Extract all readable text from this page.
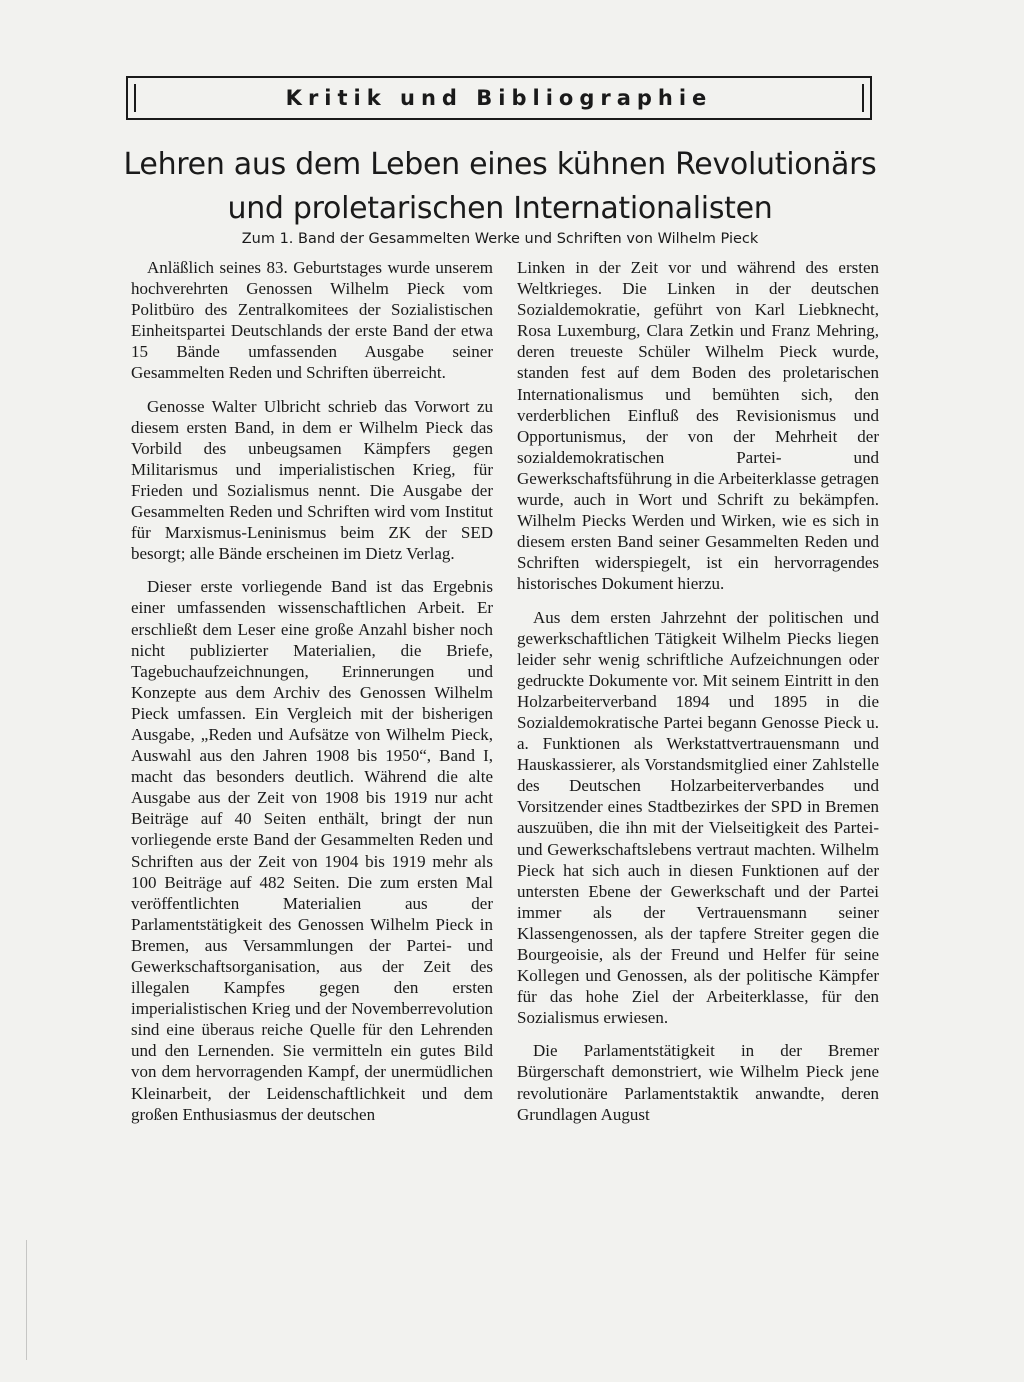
Kritik und Bibliographie
Lehren aus dem Leben eines kühnen Revolutionärs
und proletarischen Internationalisten
Zum 1. Band der Gesammelten Werke und Schriften von Wilhelm Pieck

Anläßlich seines 83. Geburtstages wurde unserem hochverehrten Genossen Wilhelm Pieck vom Politbüro des Zentralkomitees der Sozialistischen Einheitspartei Deutschlands der erste Band der etwa 15 Bände umfassenden Ausgabe seiner Gesammelten Reden und Schriften überreicht.

Genosse Walter Ulbricht schrieb das Vorwort zu diesem ersten Band, in dem er Wilhelm Pieck das Vorbild des unbeugsamen Kämpfers gegen Militarismus und imperialistischen Krieg, für Frieden und Sozialismus nennt. Die Ausgabe der Gesammelten Reden und Schriften wird vom Institut für Marxismus-Leninismus beim ZK der SED besorgt; alle Bände erscheinen im Dietz Verlag.

Dieser erste vorliegende Band ist das Ergebnis einer umfassenden wissenschaftlichen Arbeit. Er erschließt dem Leser eine große Anzahl bisher noch nicht publizierter Materialien, die Briefe, Tagebuchaufzeichnungen, Erinnerungen und Konzepte aus dem Archiv des Genossen Wilhelm Pieck umfassen. Ein Vergleich mit der bisherigen Ausgabe, „Reden und Aufsätze von Wilhelm Pieck, Auswahl aus den Jahren 1908 bis 1950“, Band I, macht das besonders deutlich. Während die alte Ausgabe aus der Zeit von 1908 bis 1919 nur acht Beiträge auf 40 Seiten enthält, bringt der nun vorliegende erste Band der Gesammelten Reden und Schriften aus der Zeit von 1904 bis 1919 mehr als 100 Beiträge auf 482 Seiten. Die zum ersten Mal veröffentlichten Materialien aus der Parlamentstätigkeit des Genossen Wilhelm Pieck in Bremen, aus Versammlungen der Partei- und Gewerkschaftsorganisation, aus der Zeit des illegalen Kampfes gegen den ersten imperialistischen Krieg und der Novemberrevolution sind eine überaus reiche Quelle für den Lehrenden und den Lernenden. Sie vermitteln ein gutes Bild von dem hervorragenden Kampf, der unermüdlichen Kleinarbeit, der Leidenschaftlichkeit und dem großen Enthusiasmus der deutschen

Linken in der Zeit vor und während des ersten Weltkrieges. Die Linken in der deutschen Sozialdemokratie, geführt von Karl Liebknecht, Rosa Luxemburg, Clara Zetkin und Franz Mehring, deren treueste Schüler Wilhelm Pieck wurde, standen fest auf dem Boden des proletarischen Internationalismus und bemühten sich, den verderblichen Einfluß des Revisionismus und Opportunismus, der von der Mehrheit der sozialdemokratischen Partei- und Gewerkschaftsführung in die Arbeiterklasse getragen wurde, auch in Wort und Schrift zu bekämpfen. Wilhelm Piecks Werden und Wirken, wie es sich in diesem ersten Band seiner Gesammelten Reden und Schriften widerspiegelt, ist ein hervorragendes historisches Dokument hierzu.

Aus dem ersten Jahrzehnt der politischen und gewerkschaftlichen Tätigkeit Wilhelm Piecks liegen leider sehr wenig schriftliche Aufzeichnungen oder gedruckte Dokumente vor. Mit seinem Eintritt in den Holzarbeiterverband 1894 und 1895 in die Sozialdemokratische Partei begann Genosse Pieck u. a. Funktionen als Werkstattvertrauensmann und Hauskassierer, als Vorstandsmitglied einer Zahlstelle des Deutschen Holzarbeiterverbandes und Vorsitzender eines Stadtbezirkes der SPD in Bremen auszuüben, die ihn mit der Vielseitigkeit des Partei- und Gewerkschaftslebens vertraut machten. Wilhelm Pieck hat sich auch in diesen Funktionen auf der untersten Ebene der Gewerkschaft und der Partei immer als der Vertrauensmann seiner Klassengenossen, als der tapfere Streiter gegen die Bourgeoisie, als der Freund und Helfer für seine Kollegen und Genossen, als der politische Kämpfer für das hohe Ziel der Arbeiterklasse, für den Sozialismus erwiesen.

Die Parlamentstätigkeit in der Bremer Bürgerschaft demonstriert, wie Wilhelm Pieck jene revolutionäre Parlamentstaktik anwandte, deren Grundlagen August
